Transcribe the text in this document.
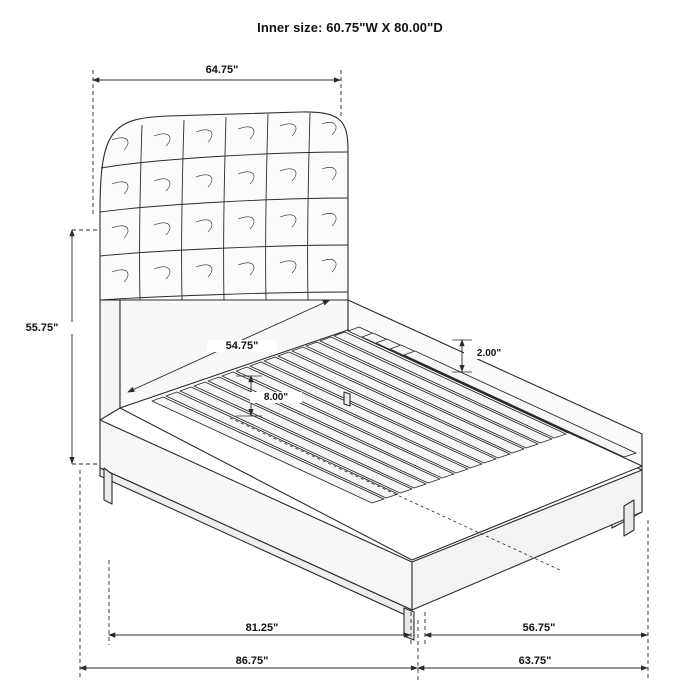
Inner size: 60.75"W X 80.00"D
64.75"
55.75"
54.75"
8.00"
2.00"
81.25"	56.75"
86.75"	63.75"
